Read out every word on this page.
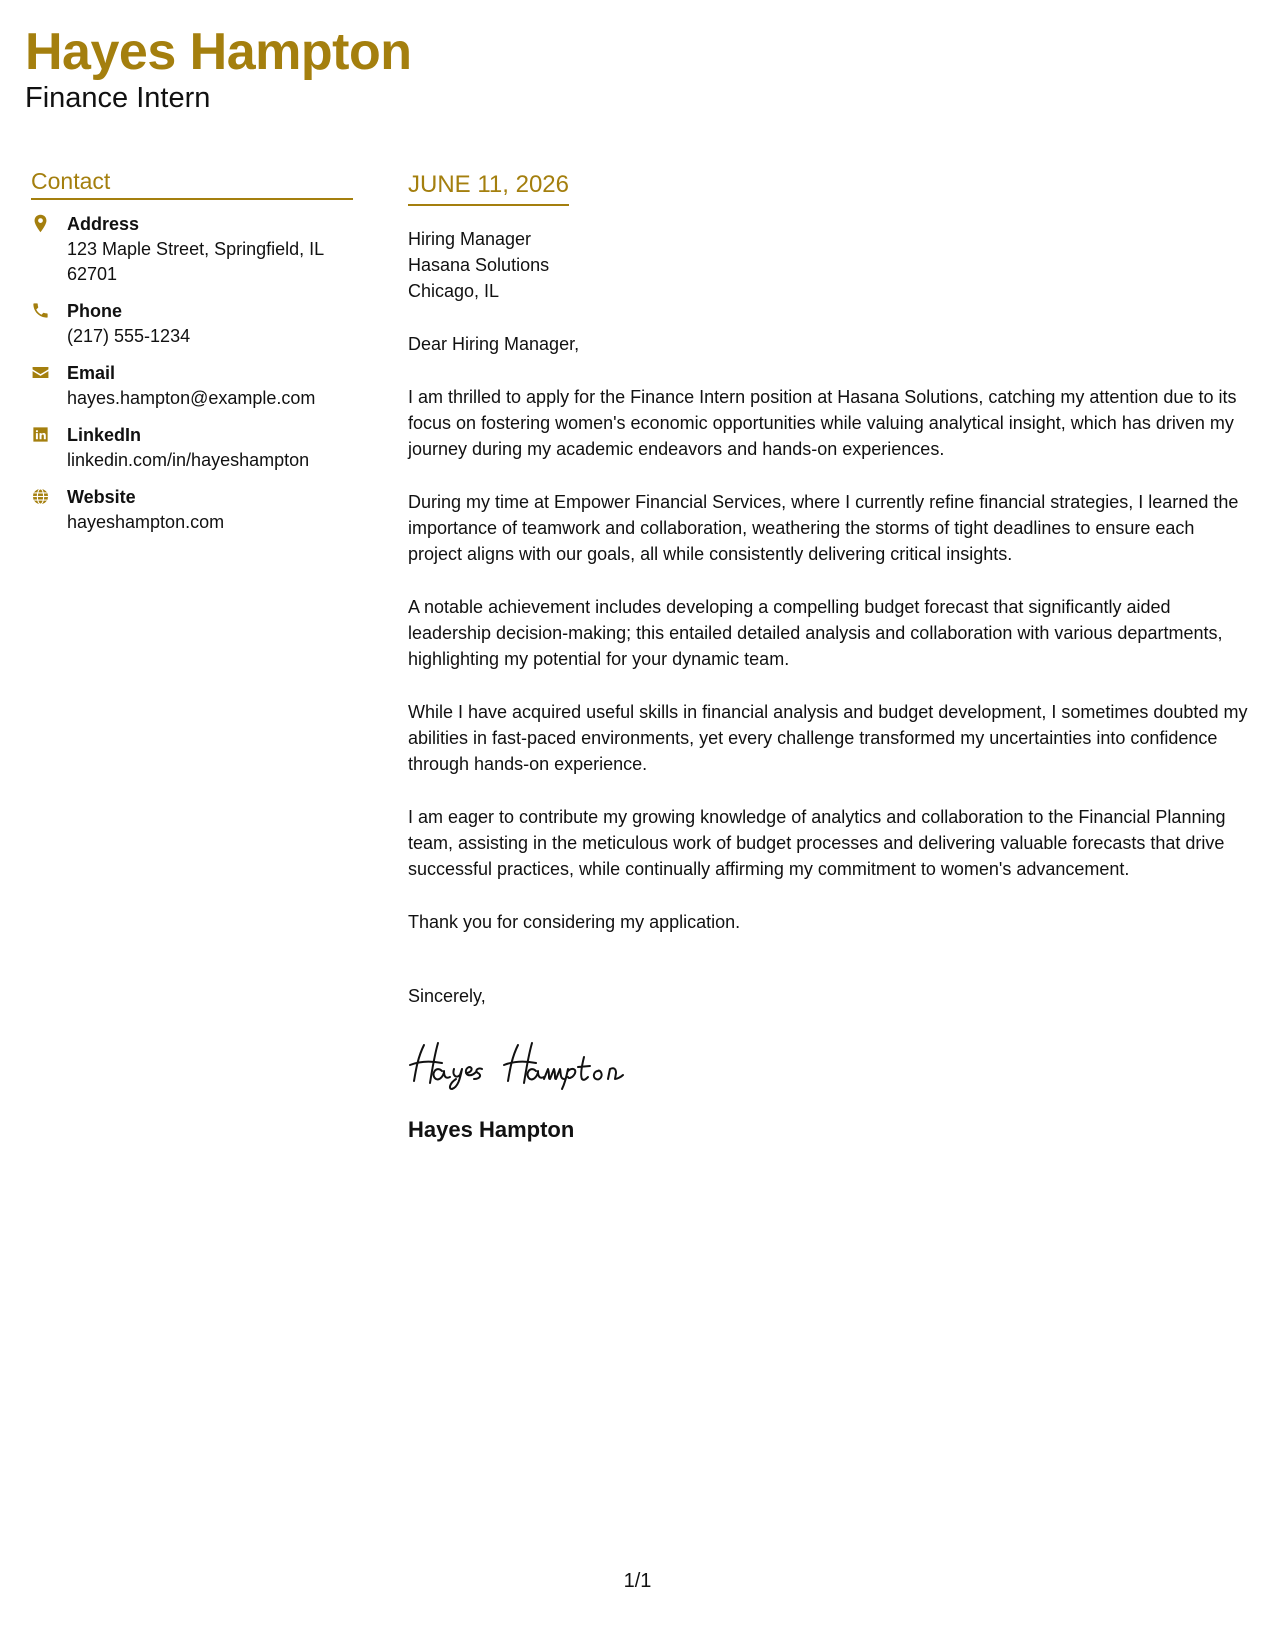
Hayes Hampton
Finance Intern
Contact
Address
123 Maple Street, Springfield, IL 62701
Phone
(217) 555-1234
Email
hayes.hampton@example.com
LinkedIn
linkedin.com/in/hayeshampton
Website
hayeshampton.com
JUNE 11, 2026

Hiring Manager

Hasana Solutions

Chicago, IL

Dear Hiring Manager,

I am thrilled to apply for the Finance Intern position at Hasana Solutions, catching my attention due to its focus on fostering women's economic opportunities while valuing analytical insight, which has driven my journey during my academic endeavors and hands-on experiences.

During my time at Empower Financial Services, where I currently refine financial strategies, I learned the importance of teamwork and collaboration, weathering the storms of tight deadlines to ensure each project aligns with our goals, all while consistently delivering critical insights.

A notable achievement includes developing a compelling budget forecast that significantly aided leadership decision-making; this entailed detailed analysis and collaboration with various departments, highlighting my potential for your dynamic team.

While I have acquired useful skills in financial analysis and budget development, I sometimes doubted my abilities in fast-paced environments, yet every challenge transformed my uncertainties into confidence through hands-on experience.

I am eager to contribute my growing knowledge of analytics and collaboration to the Financial Planning team, assisting in the meticulous work of budget processes and delivering valuable forecasts that drive successful practices, while continually affirming my commitment to women's advancement.

Thank you for considering my application.

Sincerely,

Hayes Hampton
1/1
